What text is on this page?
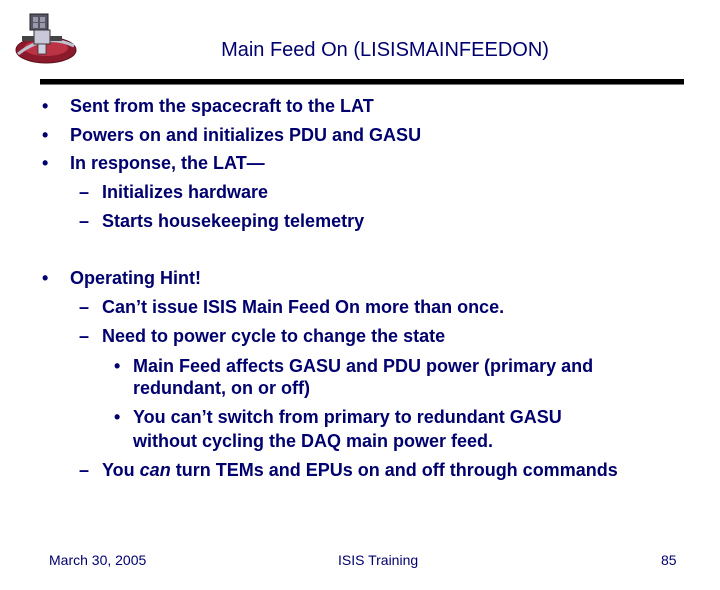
Main Feed On (LISISMAINFEEDON)
• Sent from the spacecraft to the LAT
• Powers on and initializes PDU and GASU
• In response, the LAT—
– Initializes hardware
– Starts housekeeping telemetry
• Operating Hint!
– Can’t issue ISIS Main Feed On more than once.
– Need to power cycle to change the state
• Main Feed affects GASU and PDU power (primary and
redundant, on or off)
• You can’t switch from primary to redundant GASU
without cycling the DAQ main power feed.
– You can turn TEMs and EPUs on and off through commands
March 30, 2005	ISIS Training	85
